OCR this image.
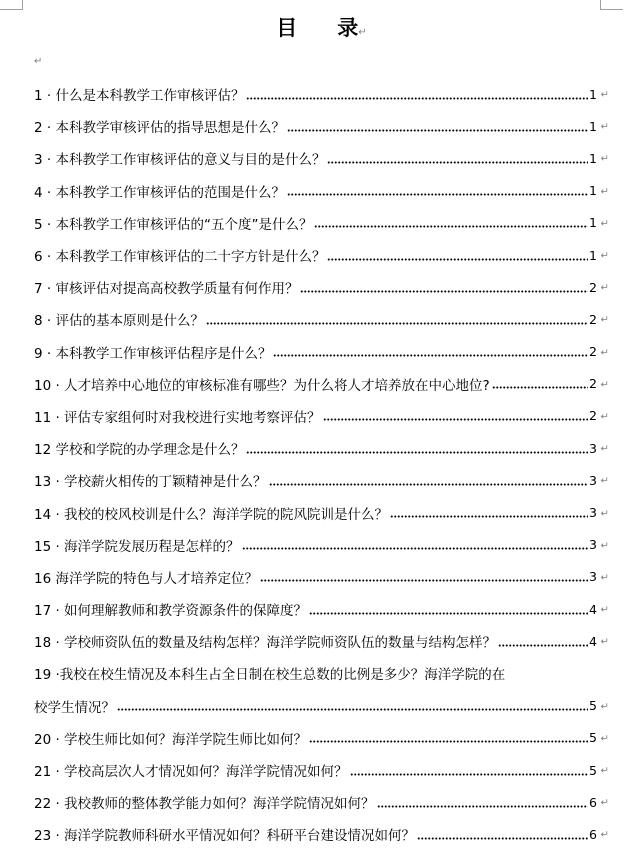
目 录↵
↵
1 · 什么是本科教学工作审核评估？	1 ↵
2 · 本科教学审核评估的指导思想是什么？	1 ↵
3 · 本科教学工作审核评估的意义与目的是什么？	1 ↵
4 · 本科教学工作审核评估的范围是什么？	1 ↵
5 · 本科教学工作审核评估的“五个度”是什么？	1 ↵
6 · 本科教学工作审核评估的二十字方针是什么？	1 ↵
7 · 审核评估对提高高校教学质量有何作用？	2 ↵
8 · 评估的基本原则是什么？	2 ↵
9 · 本科教学工作审核评估程序是什么？	2 ↵
10 · 人才培养中心地位的审核标准有哪些？为什么将人才培养放在中心地位?	2 ↵
11 · 评估专家组何时对我校进行实地考察评估？	2 ↵
12 学校和学院的办学理念是什么？	3 ↵
13 · 学校薪火相传的丁颖精神是什么？	3 ↵
14 · 我校的校风校训是什么？海洋学院的院风院训是什么？	3 ↵
15 · 海洋学院发展历程是怎样的？	3 ↵
16 海洋学院的特色与人才培养定位？	3 ↵
17 · 如何理解教师和教学资源条件的保障度？	4 ↵
18 · 学校师资队伍的数量及结构怎样？海洋学院师资队伍的数量与结构怎样？	4 ↵
19 ·我校在校生情况及本科生占全日制在校生总数的比例是多少？海洋学院的在
校学生情况？	5 ↵
20 · 学校生师比如何？海洋学院生师比如何？	5 ↵
21 · 学校高层次人才情况如何？海洋学院情况如何？	5 ↵
22 · 我校教师的整体教学能力如何？海洋学院情况如何？	6 ↵
23 · 海洋学院教师科研水平情况如何？科研平台建设情况如何？	6 ↵
